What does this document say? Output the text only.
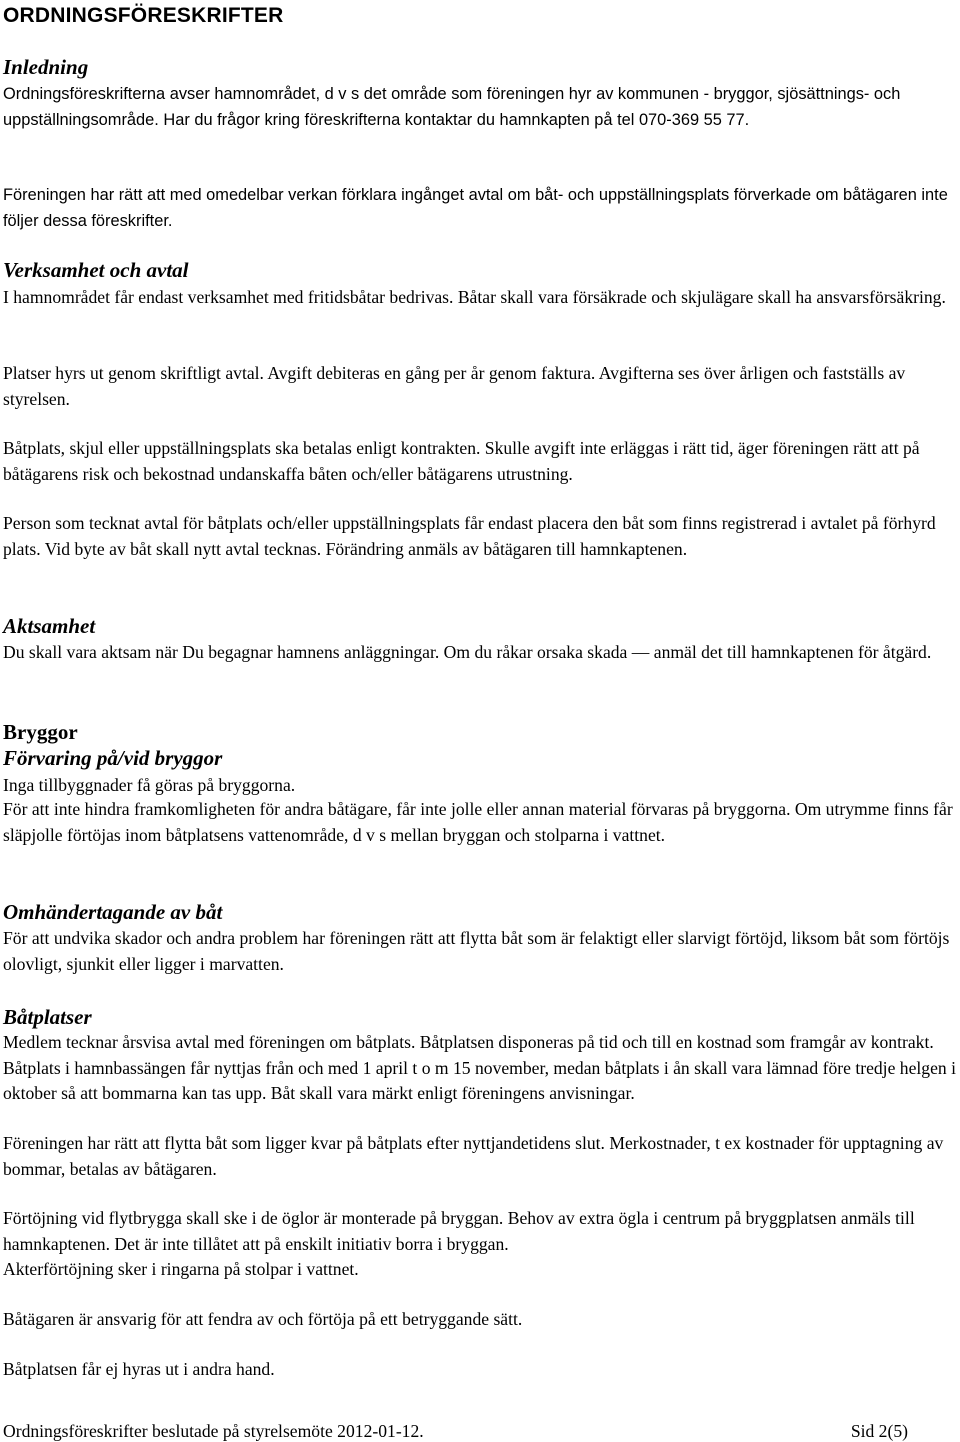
ORDNINGSFÖRESKRIFTER
Inledning

Ordningsföreskrifterna avser hamnområdet, d v s det område som föreningen hyr av kommunen - bryggor, sjösättnings- och uppställningsområde. Har du frågor kring föreskrifterna kontaktar du hamnkapten på tel 070-369 55 77.

Föreningen har rätt att med omedelbar verkan förklara ingånget avtal om båt- och uppställningsplats förverkade om båtägaren inte följer dessa föreskrifter.

Verksamhet och avtal

I hamnområdet får endast verksamhet med fritidsbåtar bedrivas. Båtar skall vara försäkrade och skjulägare skall ha ansvarsförsäkring.

Platser hyrs ut genom skriftligt avtal. Avgift debiteras en gång per år genom faktura. Avgifterna ses över årligen och fastställs av styrelsen.

Båtplats, skjul eller uppställningsplats ska betalas enligt kontrakten. Skulle avgift inte erläggas i rätt tid, äger föreningen rätt att på båtägarens risk och bekostnad undanskaffa båten och/eller båtägarens utrustning.

Person som tecknat avtal för båtplats och/eller uppställningsplats får endast placera den båt som finns registrerad i avtalet på förhyrd plats. Vid byte av båt skall nytt avtal tecknas. Förändring anmäls av båtägaren till hamnkaptenen.

Aktsamhet

Du skall vara aktsam när Du begagnar hamnens anläggningar. Om du råkar orsaka skada — anmäl det till hamnkaptenen för åtgärd.

Bryggor
Förvaring på/vid bryggor

Inga tillbyggnader få göras på bryggorna.

För att inte hindra framkomligheten för andra båtägare, får inte jolle eller annan material förvaras på bryggorna. Om utrymme finns får släpjolle förtöjas inom båtplatsens vattenområde, d v s mellan bryggan och stolparna i vattnet.

Omhändertagande av båt

För att undvika skador och andra problem har föreningen rätt att flytta båt som är felaktigt eller slarvigt förtöjd, liksom båt som förtöjs olovligt, sjunkit eller ligger i marvatten.

Båtplatser

Medlem tecknar årsvisa avtal med föreningen om båtplats. Båtplatsen disponeras på tid och till en kostnad som framgår av kontrakt. Båtplats i hamnbassängen får nyttjas från och med 1 april t o m 15 november, medan båtplats i ån skall vara lämnad före tredje helgen i oktober så att bommarna kan tas upp. Båt skall vara märkt enligt föreningens anvisningar.

Föreningen har rätt att flytta båt som ligger kvar på båtplats efter nyttjandetidens slut. Merkostnader, t ex kostnader för upptagning av bommar, betalas av båtägaren.

Förtöjning vid flytbrygga skall ske i de öglor är monterade på bryggan. Behov av extra ögla i centrum på bryggplatsen anmäls till hamnkaptenen. Det är inte tillåtet att på enskilt initiativ borra i bryggan.

Akterförtöjning sker i ringarna på stolpar i vattnet.

Båtägaren är ansvarig för att fendra av och förtöja på ett betryggande sätt.

Båtplatsen får ej hyras ut i andra hand.

Ordningsföreskrifter beslutade på styrelsemöte 2012-01-12.	Sid 2(5)
